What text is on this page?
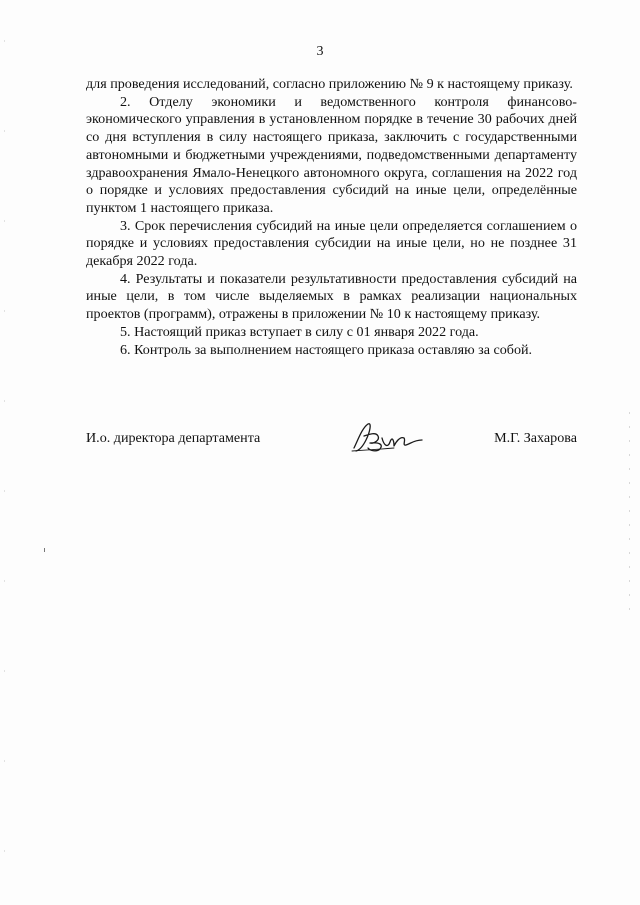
3

для проведения исследований, согласно приложению № 9 к настоящему приказу.

2. Отделу экономики и ведомственного контроля финансово-экономического управления в установленном порядке в течение 30 рабочих дней со дня вступления в силу настоящего приказа, заключить с государственными автономными и бюджетными учреждениями, подведомственными департаменту здравоохранения Ямало-Ненецкого автономного округа, соглашения на 2022 год о порядке и условиях предоставления субсидий на иные цели, определённые пунктом 1 настоящего приказа.

3. Срок перечисления субсидий на иные цели определяется соглашением о порядке и условиях предоставления субсидии на иные цели, но не позднее 31 декабря 2022 года.

4. Результаты и показатели результативности предоставления субсидий на иные цели, в том числе выделяемых в рамках реализации национальных проектов (программ), отражены в приложении № 10 к настоящему приказу.

5. Настоящий приказ вступает в силу с 01 января 2022 года.

6. Контроль за выполнением настоящего приказа оставляю за собой.

И.о. директора департамента	М.Г. Захарова
